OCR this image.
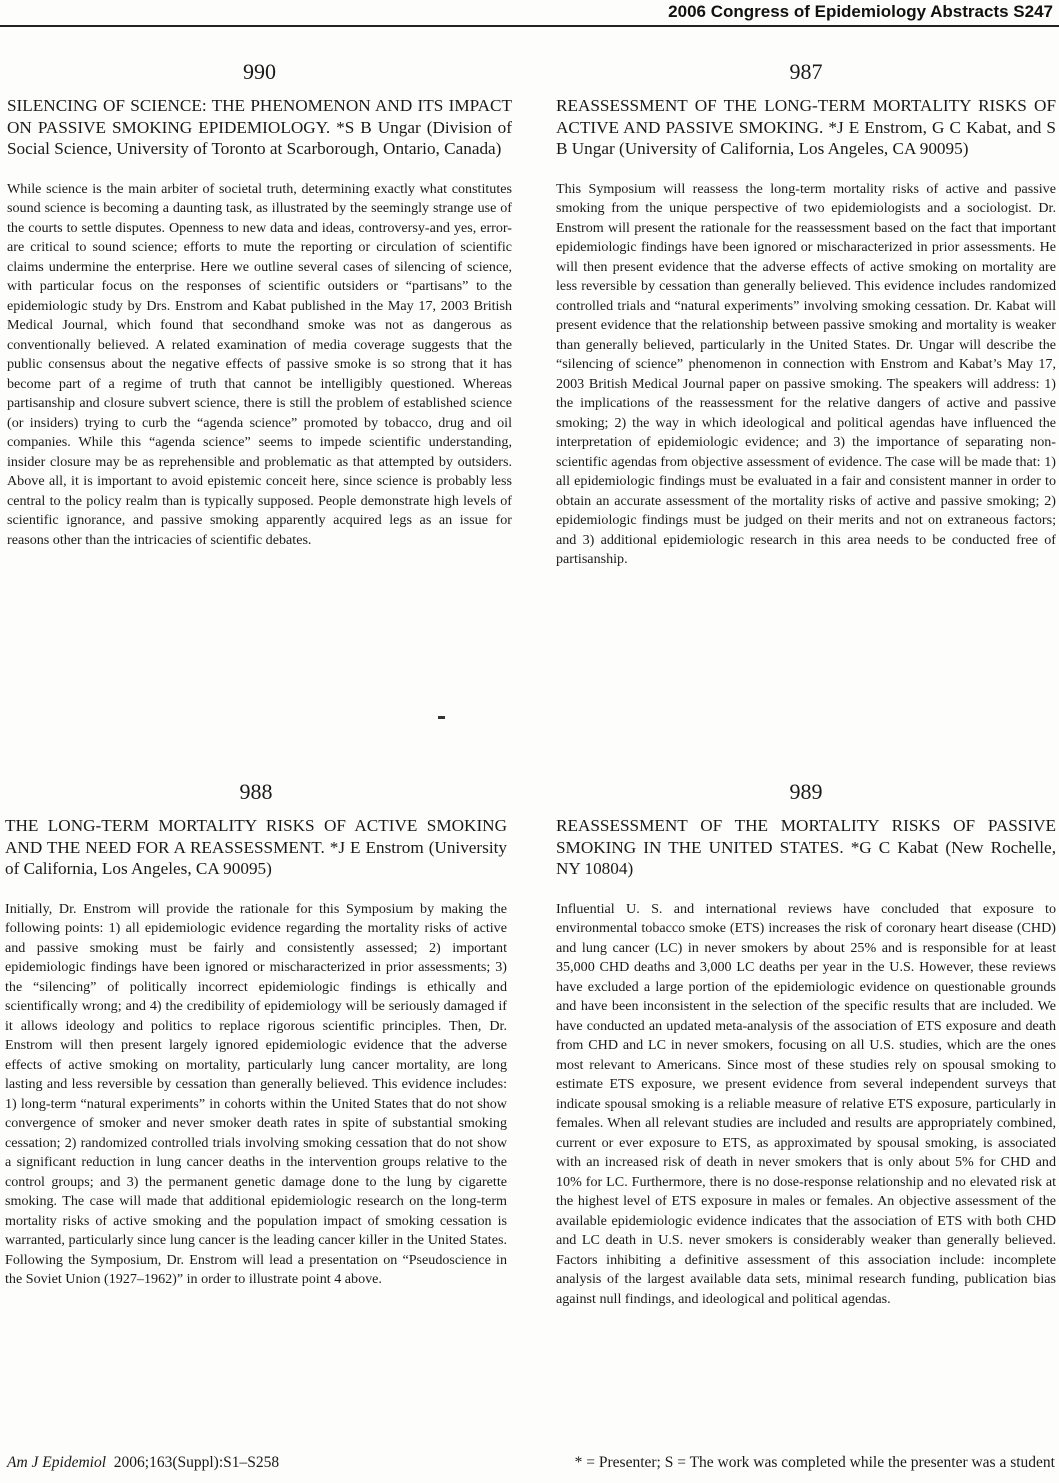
2006 Congress of Epidemiology Abstracts S247
990

SILENCING OF SCIENCE: THE PHENOMENON AND ITS IMPACT ON PASSIVE SMOKING EPIDEMIOLOGY. *S B Ungar (Division of Social Science, University of Toronto at Scarborough, Ontario, Canada)

While science is the main arbiter of societal truth, determining exactly what constitutes sound science is becoming a daunting task, as illustrated by the seemingly strange use of the courts to settle disputes. Openness to new data and ideas, controversy-and yes, error-are critical to sound science; efforts to mute the reporting or circulation of scientific claims undermine the enterprise. Here we outline several cases of silencing of science, with particular focus on the responses of scientific outsiders or “partisans” to the epidemiologic study by Drs. Enstrom and Kabat published in the May 17, 2003 British Medical Journal, which found that secondhand smoke was not as dangerous as conventionally believed. A related examination of media coverage suggests that the public consensus about the negative effects of passive smoke is so strong that it has become part of a regime of truth that cannot be intelligibly questioned. Whereas partisanship and closure subvert science, there is still the problem of established science (or insiders) trying to curb the “agenda science” promoted by tobacco, drug and oil companies. While this “agenda science” seems to impede scientific understanding, insider closure may be as reprehensible and problematic as that attempted by outsiders. Above all, it is important to avoid epistemic conceit here, since science is probably less central to the policy realm than is typically supposed. People demonstrate high levels of scientific ignorance, and passive smoking apparently acquired legs as an issue for reasons other than the intricacies of scientific debates.

987

REASSESSMENT OF THE LONG-TERM MORTALITY RISKS OF ACTIVE AND PASSIVE SMOKING. *J E Enstrom, G C Kabat, and S B Ungar (University of California, Los Angeles, CA 90095)

This Symposium will reassess the long-term mortality risks of active and passive smoking from the unique perspective of two epidemiologists and a sociologist. Dr. Enstrom will present the rationale for the reassessment based on the fact that important epidemiologic findings have been ignored or mischaracterized in prior assessments. He will then present evidence that the adverse effects of active smoking on mortality are less reversible by cessation than generally believed. This evidence includes randomized controlled trials and “natural experiments” involving smoking cessation. Dr. Kabat will present evidence that the relationship between passive smoking and mortality is weaker than generally believed, particularly in the United States. Dr. Ungar will describe the “silencing of science” phenomenon in connection with Enstrom and Kabat’s May 17, 2003 British Medical Journal paper on passive smoking. The speakers will address: 1) the implications of the reassessment for the relative dangers of active and passive smoking; 2) the way in which ideological and political agendas have influenced the interpretation of epidemiologic evidence; and 3) the importance of separating non-scientific agendas from objective assessment of evidence. The case will be made that: 1) all epidemiologic findings must be evaluated in a fair and consistent manner in order to obtain an accurate assessment of the mortality risks of active and passive smoking; 2) epidemiologic findings must be judged on their merits and not on extraneous factors; and 3) additional epidemiologic research in this area needs to be conducted free of partisanship.

988

THE LONG-TERM MORTALITY RISKS OF ACTIVE SMOKING AND THE NEED FOR A REASSESSMENT. *J E Enstrom (University of California, Los Angeles, CA 90095)

Initially, Dr. Enstrom will provide the rationale for this Symposium by making the following points: 1) all epidemiologic evidence regarding the mortality risks of active and passive smoking must be fairly and consistently assessed; 2) important epidemiologic findings have been ignored or mischaracterized in prior assessments; 3) the “silencing” of politically incorrect epidemiologic findings is ethically and scientifically wrong; and 4) the credibility of epidemiology will be seriously damaged if it allows ideology and politics to replace rigorous scientific principles. Then, Dr. Enstrom will then present largely ignored epidemiologic evidence that the adverse effects of active smoking on mortality, particularly lung cancer mortality, are long lasting and less reversible by cessation than generally believed. This evidence includes: 1) long-term “natural experiments” in cohorts within the United States that do not show convergence of smoker and never smoker death rates in spite of substantial smoking cessation; 2) randomized controlled trials involving smoking cessation that do not show a significant reduction in lung cancer deaths in the intervention groups relative to the control groups; and 3) the permanent genetic damage done to the lung by cigarette smoking. The case will made that additional epidemiologic research on the long-term mortality risks of active smoking and the population impact of smoking cessation is warranted, particularly since lung cancer is the leading cancer killer in the United States. Following the Symposium, Dr. Enstrom will lead a presentation on “Pseudoscience in the Soviet Union (1927–1962)” in order to illustrate point 4 above.

989

REASSESSMENT OF THE MORTALITY RISKS OF PASSIVE SMOKING IN THE UNITED STATES. *G C Kabat (New Rochelle, NY 10804)

Influential U. S. and international reviews have concluded that exposure to environmental tobacco smoke (ETS) increases the risk of coronary heart disease (CHD) and lung cancer (LC) in never smokers by about 25% and is responsible for at least 35,000 CHD deaths and 3,000 LC deaths per year in the U.S. However, these reviews have excluded a large portion of the epidemiologic evidence on questionable grounds and have been inconsistent in the selection of the specific results that are included. We have conducted an updated meta-analysis of the association of ETS exposure and death from CHD and LC in never smokers, focusing on all U.S. studies, which are the ones most relevant to Americans. Since most of these studies rely on spousal smoking to estimate ETS exposure, we present evidence from several independent surveys that indicate spousal smoking is a reliable measure of relative ETS exposure, particularly in females. When all relevant studies are included and results are appropriately combined, current or ever exposure to ETS, as approximated by spousal smoking, is associated with an increased risk of death in never smokers that is only about 5% for CHD and 10% for LC. Furthermore, there is no dose-response relationship and no elevated risk at the highest level of ETS exposure in males or females. An objective assessment of the available epidemiologic evidence indicates that the association of ETS with both CHD and LC death in U.S. never smokers is considerably weaker than generally believed. Factors inhibiting a definitive assessment of this association include: incomplete analysis of the largest available data sets, minimal research funding, publication bias against null findings, and ideological and political agendas.

Am J Epidemiol 2006;163(Suppl):S1–S258	* = Presenter; S = The work was completed while the presenter was a student
